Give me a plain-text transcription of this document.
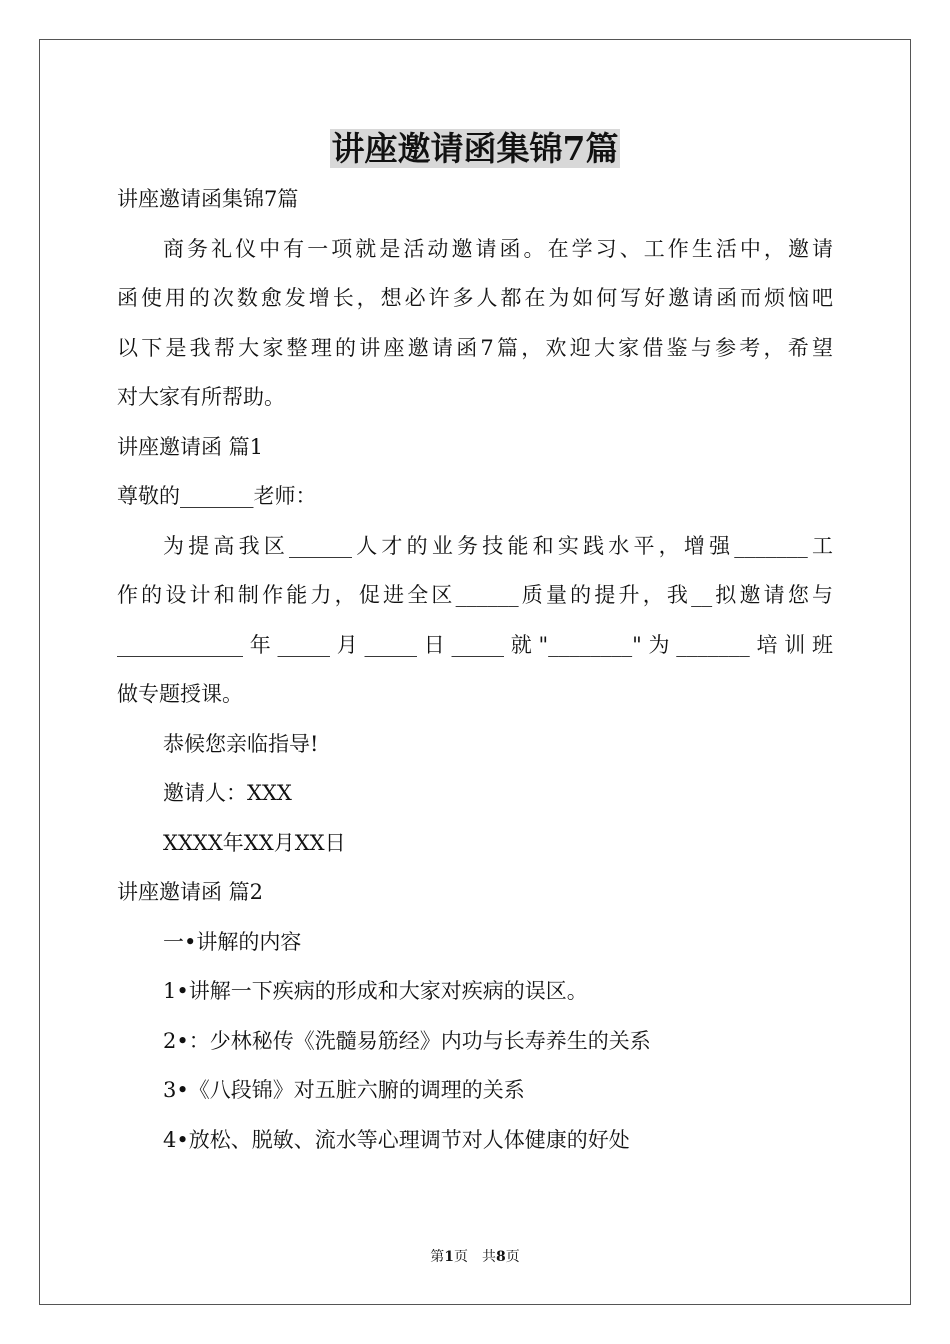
讲座邀请函集锦7篇
讲座邀请函集锦7篇
商务礼仪中有一项就是活动邀请函。在学习、工作生活中，邀请
函使用的次数愈发增长，想必许多人都在为如何写好邀请函而烦恼吧
以下是我帮大家整理的讲座邀请函7篇，欢迎大家借鉴与参考，希望
对大家有所帮助。
讲座邀请函 篇1
尊敬的_______老师：
为提高我区______人才的业务技能和实践水平，增强_______工
作的设计和制作能力，促进全区______质量的提升，我__拟邀请您与
____________年_____月_____日_____就"________"为_______培训班
做专题授课。
恭候您亲临指导!
邀请人：XXX
XXXX年XX月XX日
讲座邀请函 篇2
一•讲解的内容
1•讲解一下疾病的形成和大家对疾病的误区。
2•：少林秘传《洗髓易筋经》内功与长寿养生的关系
3•《八段锦》对五脏六腑的调理的关系
4•放松、脱敏、流水等心理调节对人体健康的好处
第1页 共8页
